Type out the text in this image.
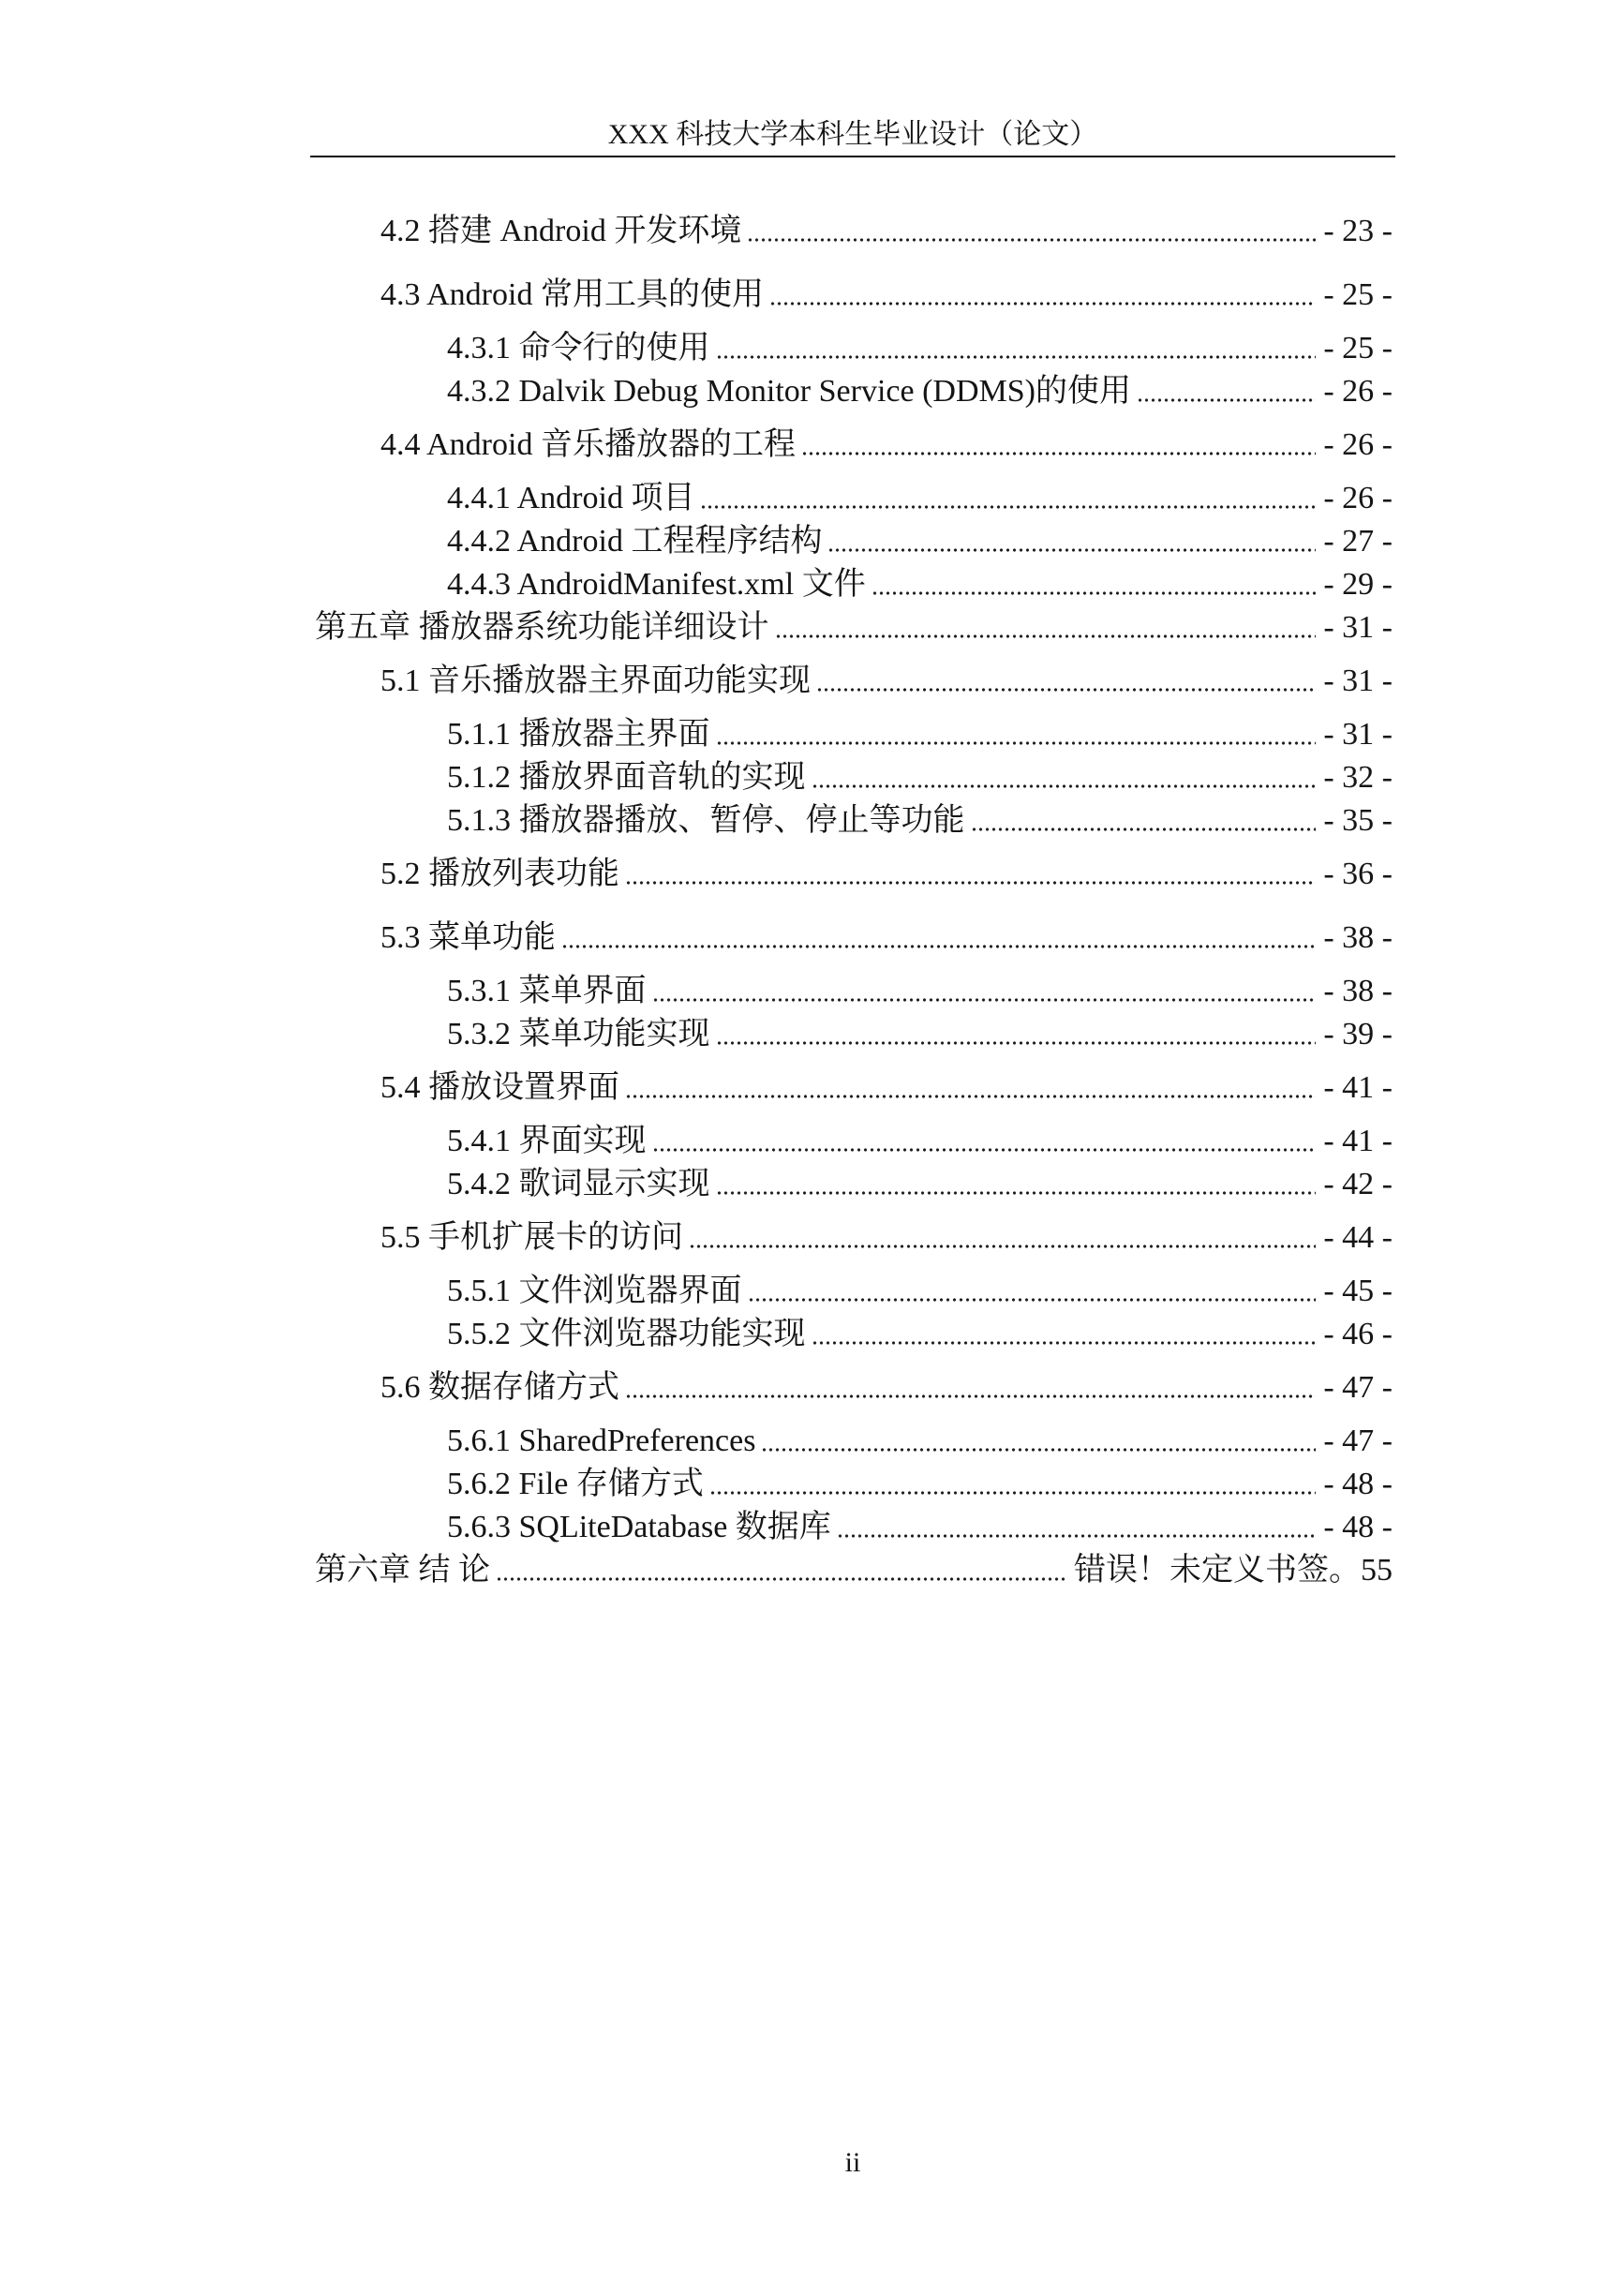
XXX 科技大学本科生毕业设计（论文）
4.2 搭建 Android 开发环境	- 23 -
4.3 Android 常用工具的使用	- 25 -
4.3.1 命令行的使用	- 25 -
4.3.2 Dalvik Debug Monitor Service (DDMS)的使用	- 26 -
4.4 Android 音乐播放器的工程	- 26 -
4.4.1 Android 项目	- 26 -
4.4.2 Android 工程程序结构	- 27 -
4.4.3 AndroidManifest.xml 文件	- 29 -
第五章 播放器系统功能详细设计	- 31 -
5.1 音乐播放器主界面功能实现	- 31 -
5.1.1 播放器主界面	- 31 -
5.1.2 播放界面音轨的实现	- 32 -
5.1.3 播放器播放、暂停、停止等功能	- 35 -
5.2 播放列表功能	- 36 -
5.3 菜单功能	- 38 -
5.3.1 菜单界面	- 38 -
5.3.2 菜单功能实现	- 39 -
5.4 播放设置界面	- 41 -
5.4.1 界面实现	- 41 -
5.4.2 歌词显示实现	- 42 -
5.5 手机扩展卡的访问	- 44 -
5.5.1 文件浏览器界面	- 45 -
5.5.2 文件浏览器功能实现	- 46 -
5.6 数据存储方式	- 47 -
5.6.1 SharedPreferences	- 47 -
5.6.2 File 存储方式	- 48 -
5.6.3 SQLiteDatabase 数据库	- 48 -
第六章 结 论	错误！未定义书签。55
ii
